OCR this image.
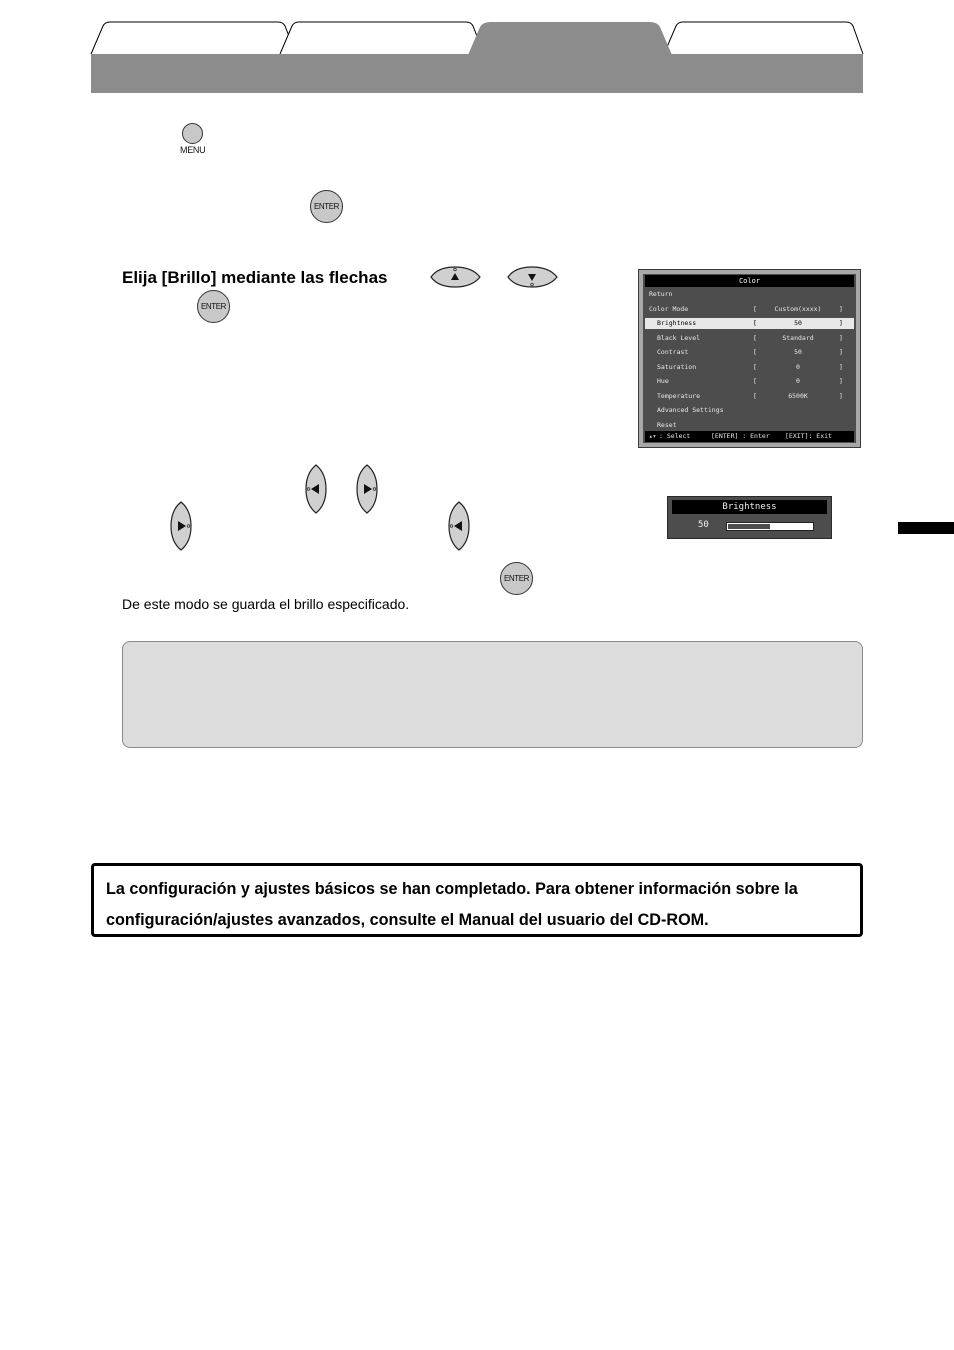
MENU
ENTER
Elija [Brillo] mediante las flechas
ENTER
Color
Return
Color Mode	[	Custom(xxxx)	]
Brightness	[	50	]
Black Level	[	Standard	]
Contrast	[	50	]
Saturation	[	0	]
Hue	[	0	]
Temperature	[	6500K	]
Advanced Settings
Reset
: Select
▴▾	[ENTER] : Enter [EXIT]: Exit
Brightness
50
ENTER
De este modo se guarda el brillo especificado.
La configuración y ajustes básicos se han completado. Para obtener información sobre la configuración/ajustes avanzados, consulte el Manual del usuario del CD-ROM.
